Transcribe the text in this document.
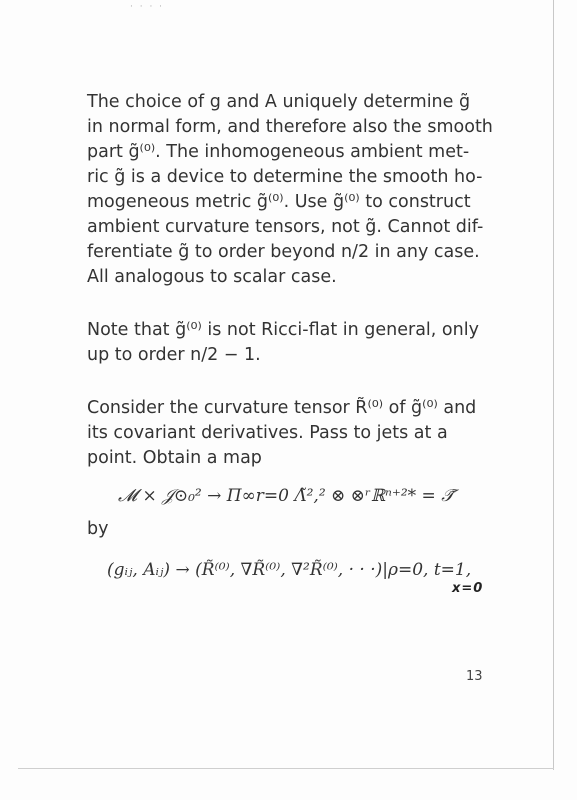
· · · ·

The choice of g and A uniquely determine g̃

in normal form, and therefore also the smooth

part g̃⁽⁰⁾. The inhomogeneous ambient met-

ric g̃ is a device to determine the smooth ho-

mogeneous metric g̃⁽⁰⁾. Use g̃⁽⁰⁾ to construct

ambient curvature tensors, not g̃. Cannot dif-

ferentiate g̃ to order beyond n/2 in any case.

All analogous to scalar case.

Note that g̃⁽⁰⁾ is not Ricci-flat in general, only

up to order n/2 − 1.

Consider the curvature tensor R̃⁽⁰⁾ of g̃⁽⁰⁾ and

its covariant derivatives. Pass to jets at a

point. Obtain a map

𝓜 × 𝒥⊙₀² → Π∞r=0 Λ̃²,² ⊗ ⊗ʳℝⁿ⁺²* = 𝒯̃

by

(gᵢⱼ, Aᵢⱼ) → (R̃⁽⁰⁾, ∇R̃⁽⁰⁾, ∇²R̃⁽⁰⁾, · · ·)|ρ=0, t=1,
x=0
13
